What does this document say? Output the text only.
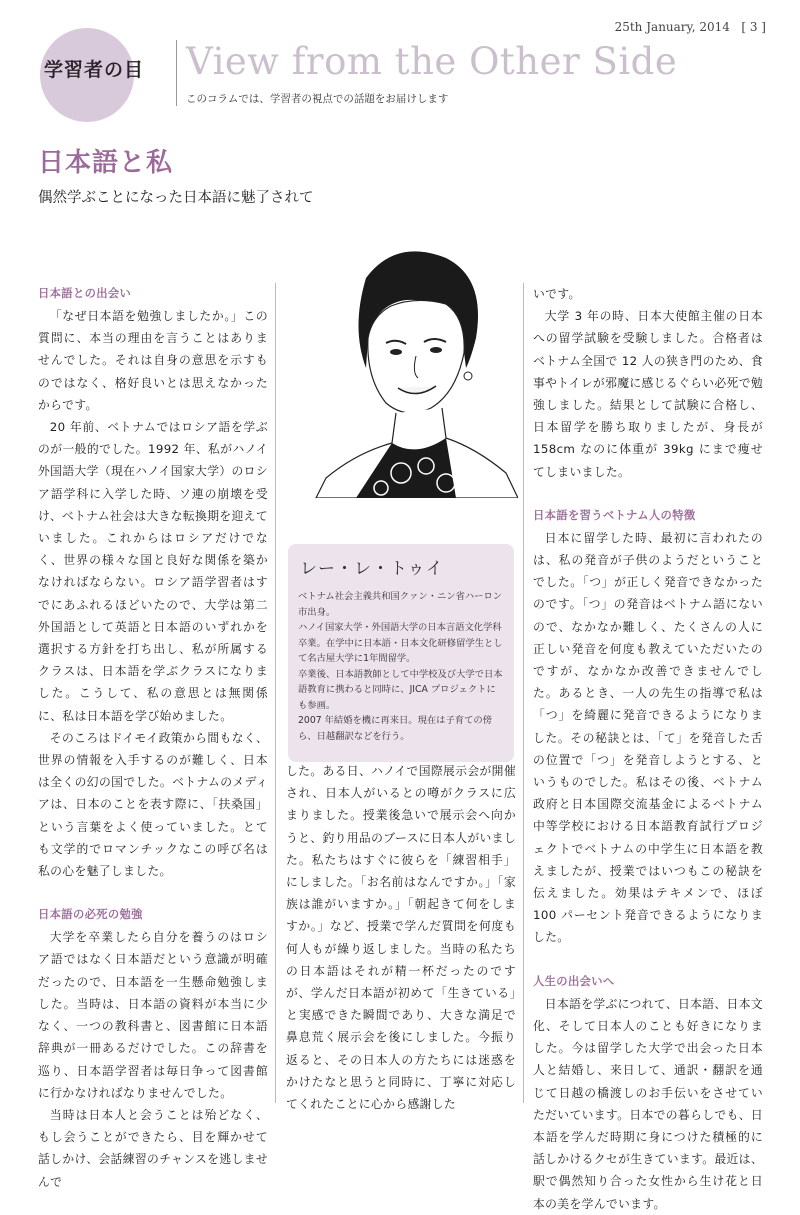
25th January, 2014 [ 3 ]
学習者の目 View from the Other Side
このコラムでは、学習者の視点での話題をお届けします
日本語と私
偶然学ぶことになった日本語に魅了されて
日本語との出会い

「なぜ日本語を勉強しましたか。」この質問に、本当の理由を言うことはありませんでした。それは自身の意思を示すものではなく、格好良いとは思えなかったからです。

20 年前、ベトナムではロシア語を学ぶのが一般的でした。1992 年、私がハノイ外国語大学（現在ハノイ国家大学）のロシア語学科に入学した時、ソ連の崩壊を受け、ベトナム社会は大きな転換期を迎えていました。これからはロシアだけでなく、世界の様々な国と良好な関係を築かなければならない。ロシア語学習者はすでにあふれるほどいたので、大学は第二外国語として英語と日本語のいずれかを選択する方針を打ち出し、私が所属するクラスは、日本語を学ぶクラスになりました。こうして、私の意思とは無関係に、私は日本語を学び始めました。

そのころはドイモイ政策から間もなく、世界の情報を入手するのが難しく、日本は全くの幻の国でした。ベトナムのメディアは、日本のことを表す際に、「扶桑国」という言葉をよく使っていました。とても文学的でロマンチックなこの呼び名は私の心を魅了しました。

日本語の必死の勉強

大学を卒業したら自分を養うのはロシア語ではなく日本語だという意識が明確だったので、日本語を一生懸命勉強しました。当時は、日本語の資料が本当に少なく、一つの教科書と、図書館に日本語辞典が一冊あるだけでした。この辞書を巡り、日本語学習者は毎日争って図書館に行かなければなりませんでした。

当時は日本人と会うことは殆どなく、もし会うことができたら、目を輝かせて話しかけ、会話練習のチャンスを逃しませんで

レー・レ・トゥイ

ベトナム社会主義共和国クァン・ニン省ハーロン市出身。

ハノイ国家大学・外国語大学の日本言語文化学科卒業。在学中に日本語・日本文化研修留学生として名古屋大学に1年間留学。

卒業後、日本語教師として中学校及び大学で日本語教育に携わると同時に、JICA プロジェクトにも参画。

2007 年結婚を機に再来日。現在は子育ての傍ら、日越翻訳などを行う。

した。ある日、ハノイで国際展示会が開催され、日本人がいるとの噂がクラスに広まりました。授業後急いで展示会へ向かうと、釣り用品のブースに日本人がいました。私たちはすぐに彼らを「練習相手」にしました。「お名前はなんですか。」「家族は誰がいますか。」「朝起きて何をしますか。」など、授業で学んだ質問を何度も何人もが繰り返しました。当時の私たちの日本語はそれが精一杯だったのですが、学んだ日本語が初めて「生きている」と実感できた瞬間であり、大きな満足で鼻息荒く展示会を後にしました。今振り返ると、その日本人の方たちには迷惑をかけたなと思うと同時に、丁寧に対応してくれたことに心から感謝した

いです。

大学 3 年の時、日本大使館主催の日本への留学試験を受験しました。合格者はベトナム全国で 12 人の狭き門のため、食事やトイレが邪魔に感じるぐらい必死で勉強しました。結果として試験に合格し、日本留学を勝ち取りましたが、身長が 158cm なのに体重が 39kg にまで痩せてしまいました。

日本語を習うベトナム人の特徴

日本に留学した時、最初に言われたのは、私の発音が子供のようだということでした。「つ」が正しく発音できなかったのです。「つ」の発音はベトナム語にないので、なかなか難しく、たくさんの人に正しい発音を何度も教えていただいたのですが、なかなか改善できませんでした。あるとき、一人の先生の指導で私は「つ」を綺麗に発音できるようになりました。その秘訣とは、「て」を発音した舌の位置で「つ」を発音しようとする、というものでした。私はその後、ベトナム政府と日本国際交流基金によるベトナム中等学校における日本語教育試行プロジェクトでベトナムの中学生に日本語を教えましたが、授業ではいつもこの秘訣を伝えました。効果はテキメンで、ほぼ 100 パーセント発音できるようになりました。

人生の出会いへ

日本語を学ぶにつれて、日本語、日本文化、そして日本人のことも好きになりました。今は留学した大学で出会った日本人と結婚し、来日して、通訳・翻訳を通じて日越の橋渡しのお手伝いをさせていただいています。日本での暮らしでも、日本語を学んだ時期に身につけた積極的に話しかけるクセが生きています。最近は、駅で偶然知り合った女性から生け花と日本の美を学んでいます。
